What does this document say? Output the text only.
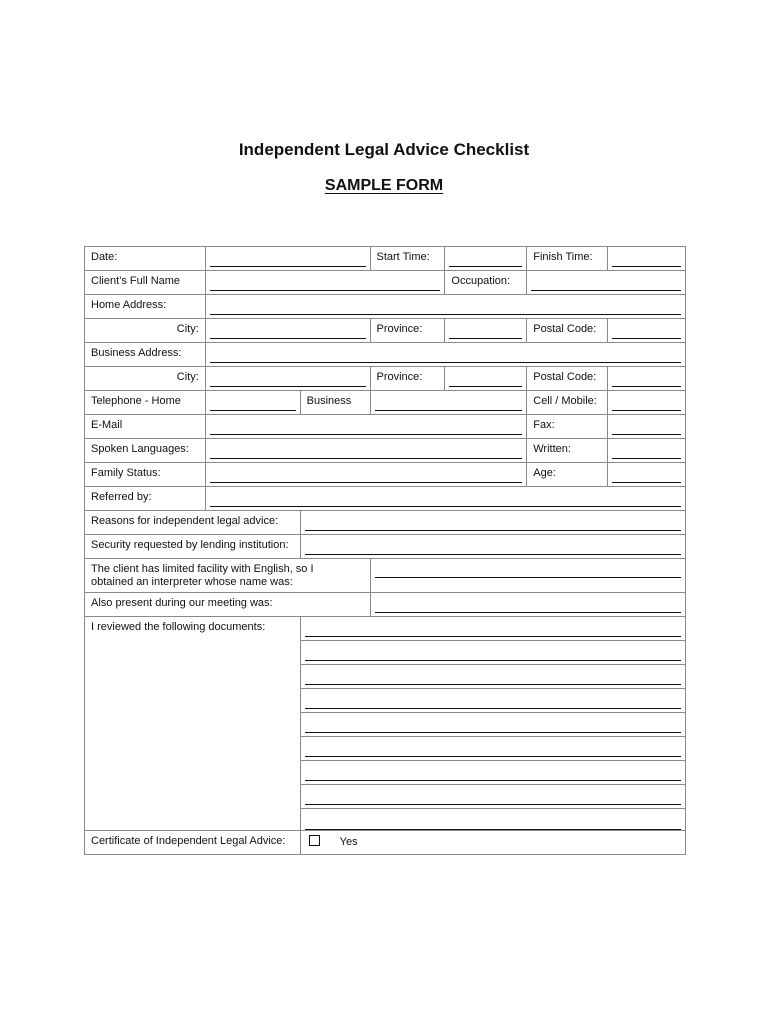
Independent Legal Advice Checklist
SAMPLE FORM
Date:	Start Time:	Finish Time:
Client’s Full Name	Occupation:
Home Address:
City:	Province:	Postal Code:
Business Address:
City:	Province:	Postal Code:
Telephone - Home	Business	Cell / Mobile:
E-Mail	Fax:
Spoken Languages:	Written:
Family Status:	Age:
Referred by:
Reasons for independent legal advice:
Security requested by lending institution:
The client has limited facility with English, so I obtained an interpreter whose name was:
Also present during our meeting was:
I reviewed the following documents:
Certificate of Independent Legal Advice:	Yes
